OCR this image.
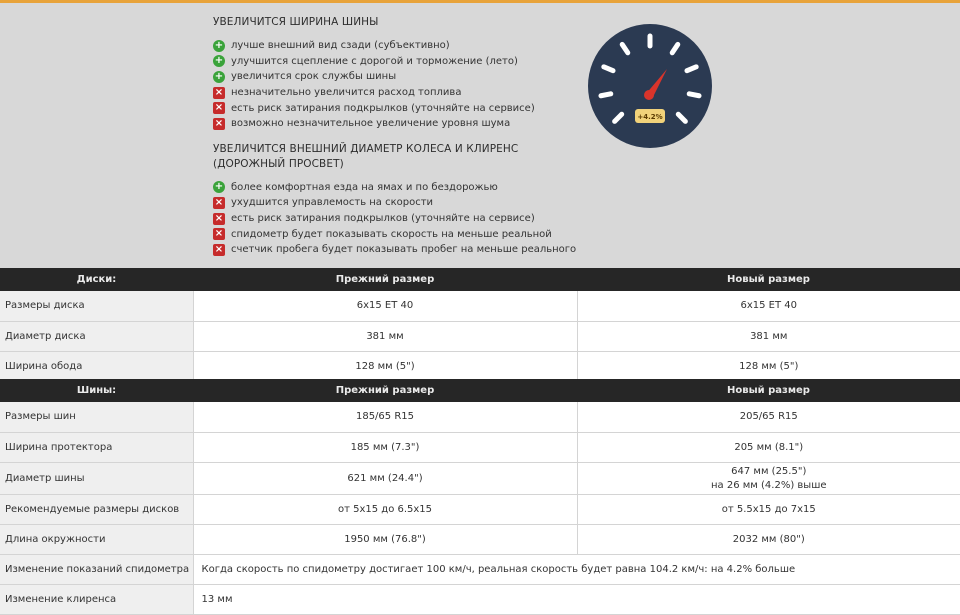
УВЕЛИЧИТСЯ ШИРИНА ШИНЫ
+ лучше внешний вид сзади (субъективно)
+ улучшится сцепление с дорогой и торможение (лето)
+ увеличится срок службы шины
× незначительно увеличится расход топлива
× есть риск затирания подкрылков (уточняйте на сервисе)
× возможно незначительное увеличение уровня шума
УВЕЛИЧИТСЯ ВНЕШНИЙ ДИАМЕТР КОЛЕСА И КЛИРЕНС
(ДОРОЖНЫЙ ПРОСВЕТ)
+ более комфортная езда на ямах и по бездорожью
× ухудшится управлемость на скорости
× есть риск затирания подкрылков (уточняйте на сервисе)
× спидометр будет показывать скорость на меньше реальной
× счетчик пробега будет показывать пробег на меньше реального
+4.2%
Диски:	Прежний размер	Новый размер
Размеры диска	6x15 ET 40	6x15 ET 40
Диаметр диска	381 мм	381 мм
Ширина обода	128 мм (5")	128 мм (5")
Шины:	Прежний размер	Новый размер
Размеры шин	185/65 R15	205/65 R15
Ширина протектора	185 мм (7.3")	205 мм (8.1")
Диаметр шины	621 мм (24.4")	647 мм (25.5")
на 26 мм (4.2%) выше

Рекомендуемые размеры дисков	от 5x15 до 6.5x15	от 5.5x15 до 7x15
Длина окружности	1950 мм (76.8")	2032 мм (80")
Изменение показаний спидометра	Когда скорость по спидометру достигает 100 км/ч, реальная скорость будет равна 104.2 км/ч: на 4.2% больше	
Изменение клиренса	13 мм	
